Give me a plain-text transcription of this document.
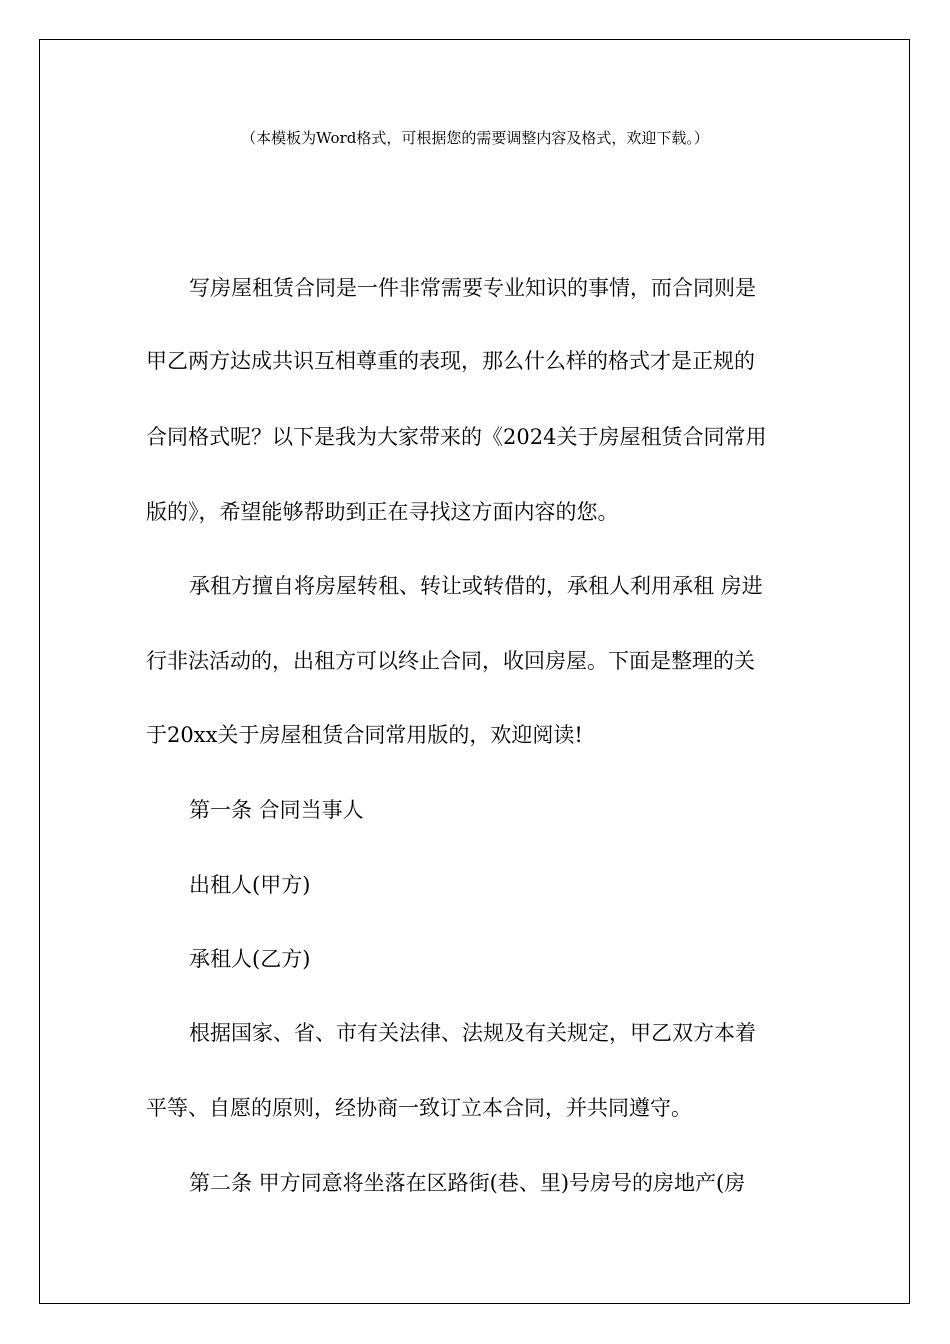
（本模板为Word格式，可根据您的需要调整内容及格式，欢迎下载。）
写房屋租赁合同是一件非常需要专业知识的事情，而合同则是
甲乙两方达成共识互相尊重的表现，那么什么样的格式才是正规的
合同格式呢？以下是我为大家带来的《2024关于房屋租赁合同常用
版的》，希望能够帮助到正在寻找这方面内容的您。
承租方擅自将房屋转租、转让或转借的，承租人利用承租 房进
行非法活动的，出租方可以终止合同，收回房屋。下面是整理的关
于20xx关于房屋租赁合同常用版的，欢迎阅读!
第一条 合同当事人
出租人(甲方)
承租人(乙方)
根据国家、省、市有关法律、法规及有关规定，甲乙双方本着
平等、自愿的原则，经协商一致订立本合同，并共同遵守。
第二条 甲方同意将坐落在区路街(巷、里)号房号的房地产(房
